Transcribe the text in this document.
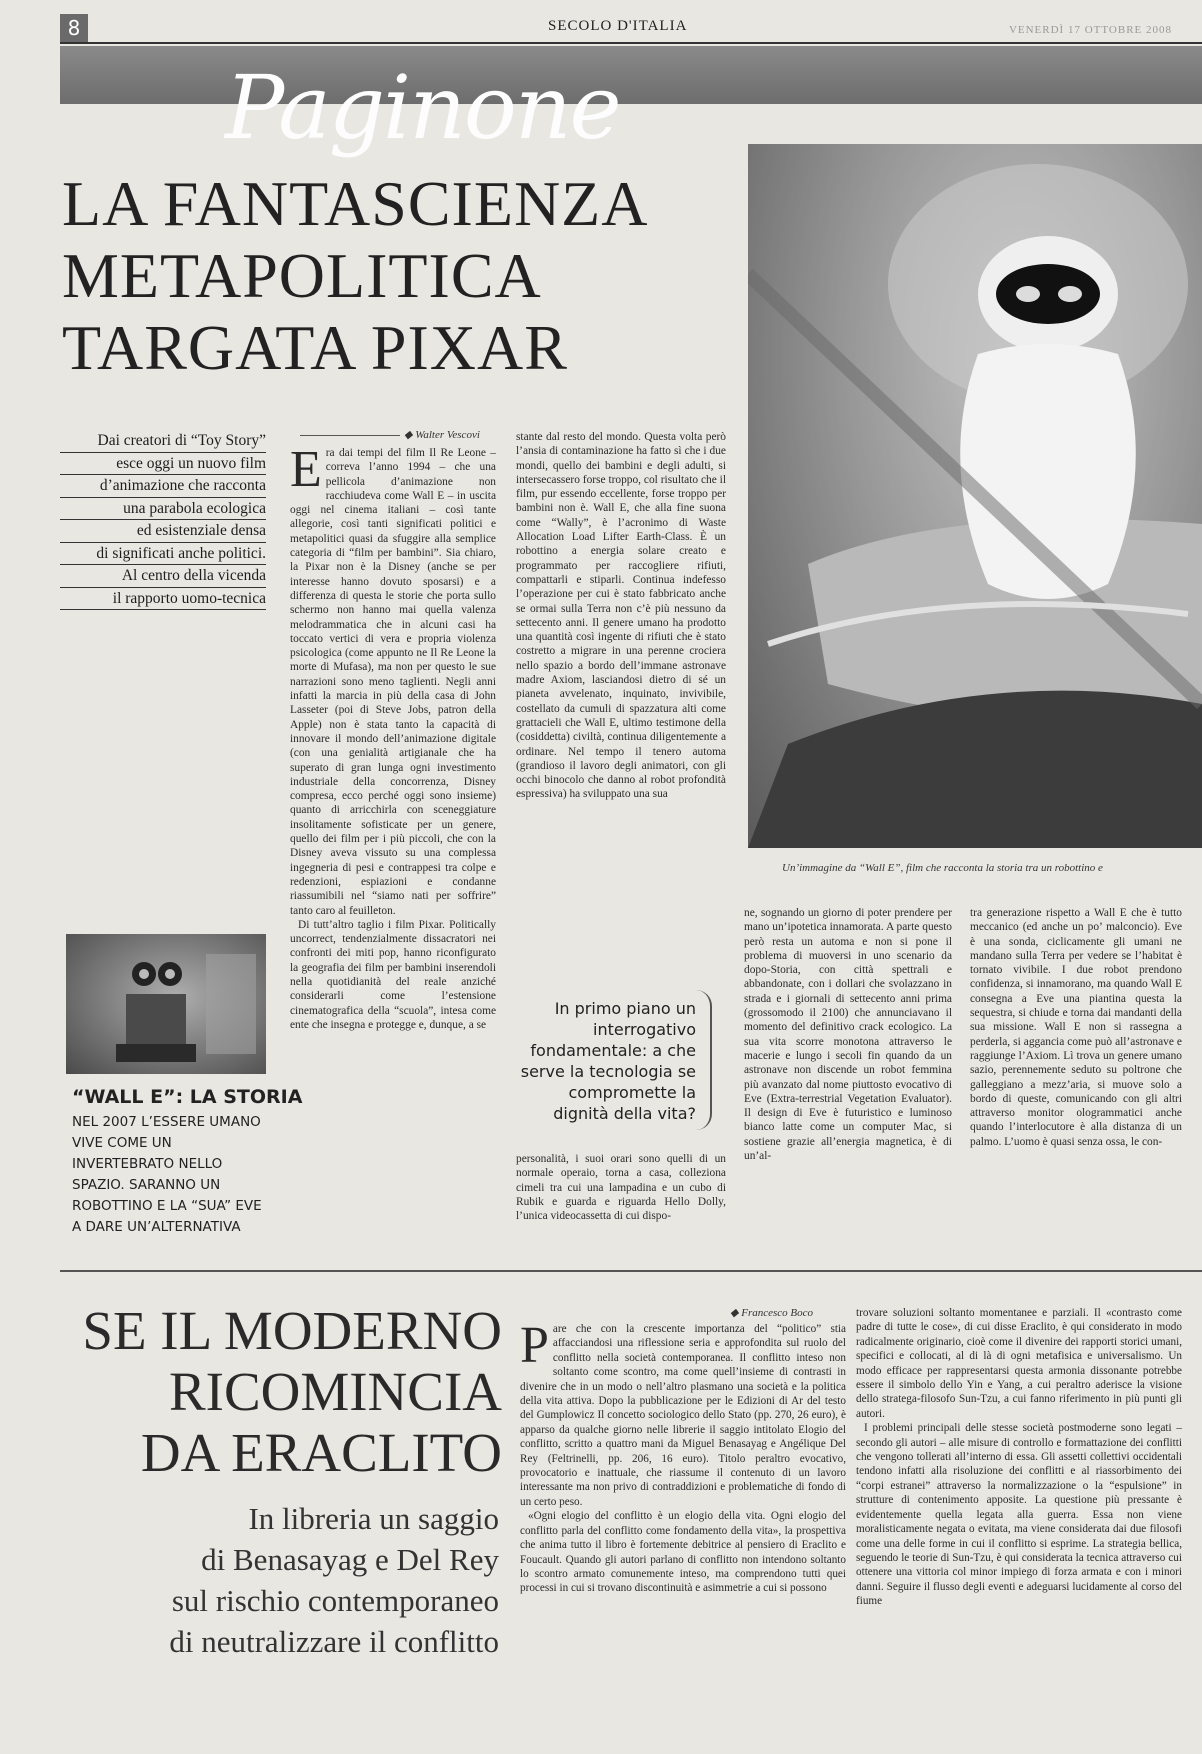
8	SECOLO D'ITALIA	VENERDÌ 17 OTTOBRE 2008
Paginone
LA FANTASCIENZA
METAPOLITICA
TARGATA PIXAR
Un’immagine da “Wall E”, film che racconta la storia tra un robottino e
Dai creatori di “Toy Story”
esce oggi un nuovo film
d’animazione che racconta
una parabola ecologica
ed esistenziale densa
di significati anche politici.
Al centro della vicenda
il rapporto uomo-tecnica
◆ Walter Vescovi
E ra dai tempi del film Il Re Leone – correva l’anno 1994 – che una pellicola d’animazione non racchiudeva come Wall E – in uscita oggi nel cinema italiani – così tante allegorie, così tanti significati politici e metapolitici quasi da sfuggire alla semplice categoria di “film per bambini”. Sia chiaro, la Pixar non è la Disney (anche se per interesse hanno dovuto sposarsi) e a differenza di questa le storie che porta sullo schermo non hanno mai quella valenza melodrammatica che in alcuni casi ha toccato vertici di vera e propria violenza psicologica (come appunto ne Il Re Leone la morte di Mufasa), ma non per questo le sue narrazioni sono meno taglienti. Negli anni infatti la marcia in più della casa di John Lasseter (poi di Steve Jobs, patron della Apple) non è stata tanto la capacità di innovare il mondo dell’animazione digitale (con una genialità artigianale che ha superato di gran lunga ogni investimento industriale della concorrenza, Disney compresa, ecco perché oggi sono insieme) quanto di arricchirla con sceneggiature insolitamente sofisticate per un genere, quello dei film per i più piccoli, che con la Disney aveva vissuto su una complessa ingegneria di pesi e contrappesi tra colpe e redenzioni, espiazioni e condanne riassumibili nel “siamo nati per soffrire” tanto caro al feuilleton.

Di tutt’altro taglio i film Pixar. Politically uncorrect, tendenzialmente dissacratori nei confronti dei miti pop, hanno riconfigurato la geografia dei film per bambini inserendoli nella quotidianità del reale anziché considerarli come l’estensione cinematografica della “scuola”, intesa come ente che insegna e protegge e, dunque, a se

stante dal resto del mondo. Questa volta però l’ansia di contaminazione ha fatto sì che i due mondi, quello dei bambini e degli adulti, si intersecassero forse troppo, col risultato che il film, pur essendo eccellente, forse troppo per bambini non è. Wall E, che alla fine suona come “Wally”, è l’acronimo di Waste Allocation Load Lifter Earth-Class. È un robottino a energia solare creato e programmato per raccogliere rifiuti, compattarli e stiparli. Continua indefesso l’operazione per cui è stato fabbricato anche se ormai sulla Terra non c’è più nessuno da settecento anni. Il genere umano ha prodotto una quantità così ingente di rifiuti che è stato costretto a migrare in una perenne crociera nello spazio a bordo dell’immane astronave madre Axiom, lasciandosi dietro di sé un pianeta avvelenato, inquinato, invivibile, costellato da cumuli di spazzatura alti come grattacieli che Wall E, ultimo testimone della (cosiddetta) civiltà, continua diligentemente a ordinare. Nel tempo il tenero automa (grandioso il lavoro degli animatori, con gli occhi binocolo che danno al robot profondità espressiva) ha sviluppato una sua
In primo piano un interrogativo fondamentale: a che serve la tecnologia se compromette la dignità della vita?
personalità, i suoi orari sono quelli di un normale operaio, torna a casa, colleziona cimeli tra cui una lampadina e un cubo di Rubik e guarda e riguarda Hello Dolly, l’unica videocassetta di cui dispo-
ne, sognando un giorno di poter prendere per mano un’ipotetica innamorata. A parte questo però resta un automa e non si pone il problema di muoversi in uno scenario da dopo-Storia, con città spettrali e abbandonate, con i dollari che svolazzano in strada e i giornali di settecento anni prima (grossomodo il 2100) che annunciavano il momento del definitivo crack ecologico. La sua vita scorre monotona attraverso le macerie e lungo i secoli fin quando da un astronave non discende un robot femmina più avanzato dal nome piuttosto evocativo di Eve (Extra-terrestrial Vegetation Evaluator). Il design di Eve è futuristico e luminoso bianco latte come un computer Mac, si sostiene grazie all’energia magnetica, è di un’al-
tra generazione rispetto a Wall E che è tutto meccanico (ed anche un po’ malconcio). Eve è una sonda, ciclicamente gli umani ne mandano sulla Terra per vedere se l’habitat è tornato vivibile. I due robot prendono confidenza, si innamorano, ma quando Wall E consegna a Eve una piantina questa la sequestra, si chiude e torna dai mandanti della sua missione. Wall E non si rassegna a perderla, si aggancia come può all’astronave e raggiunge l’Axiom. Lì trova un genere umano sazio, perennemente seduto su poltrone che galleggiano a mezz’aria, si muove solo a bordo di queste, comunicando con gli altri attraverso monitor ologrammatici anche quando l’interlocutore è alla distanza di un palmo. L’uomo è quasi senza ossa, le con-
“WALL E”: LA STORIA
NEL 2007 L’ESSERE UMANO VIVE COME UN INVERTEBRATO NELLO SPAZIO. SARANNO UN ROBOTTINO E LA “SUA” EVE A DARE UN’ALTERNATIVA
SE IL MODERNO
RICOMINCIA
DA ERACLITO
In libreria un saggio
di Benasayag e Del Rey
sul rischio contemporaneo
di neutralizzare il conflitto
◆ Francesco Boco
P are che con la crescente importanza del “politico” stia affacciandosi una riflessione seria e approfondita sul ruolo del conflitto nella società contemporanea. Il conflitto inteso non soltanto come scontro, ma come quell’insieme di contrasti in divenire che in un modo o nell’altro plasmano una società e la politica della vita attiva. Dopo la pubblicazione per le Edizioni di Ar del testo del Gumplowicz Il concetto sociologico dello Stato (pp. 270, 26 euro), è apparso da qualche giorno nelle librerie il saggio intitolato Elogio del conflitto, scritto a quattro mani da Miguel Benasayag e Angélique Del Rey (Feltrinelli, pp. 206, 16 euro). Titolo peraltro evocativo, provocatorio e inattuale, che riassume il contenuto di un lavoro interessante ma non privo di contraddizioni e problematiche di fondo di un certo peso.

«Ogni elogio del conflitto è un elogio della vita. Ogni elogio del conflitto parla del conflitto come fondamento della vita», la prospettiva che anima tutto il libro è fortemente debitrice al pensiero di Eraclito e Foucault. Quando gli autori parlano di conflitto non intendono soltanto lo scontro armato comunemente inteso, ma comprendono tutti quei processi in cui si trovano discontinuità e asimmetrie a cui si possono

trovare soluzioni soltanto momentanee e parziali. Il «contrasto come padre di tutte le cose», di cui disse Eraclito, è qui considerato in modo radicalmente originario, cioè come il divenire dei rapporti storici umani, specifici e collocati, al di là di ogni metafisica e universalismo. Un modo efficace per rappresentarsi questa armonia dissonante potrebbe essere il simbolo dello Yin e Yang, a cui peraltro aderisce la visione dello stratega-filosofo Sun-Tzu, a cui fanno riferimento in più punti gli autori.

I problemi principali delle stesse società postmoderne sono legati – secondo gli autori – alle misure di controllo e formattazione dei conflitti che vengono tollerati all’interno di essa. Gli assetti collettivi occidentali tendono infatti alla risoluzione dei conflitti e al riassorbimento dei “corpi estranei” attraverso la normalizzazione o la “espulsione” in strutture di contenimento apposite. La questione più pressante è evidentemente quella legata alla guerra. Essa non viene moralisticamente negata o evitata, ma viene considerata dai due filosofi come una delle forme in cui il conflitto si esprime. La strategia bellica, seguendo le teorie di Sun-Tzu, è qui considerata la tecnica attraverso cui ottenere una vittoria col minor impiego di forza armata e con i minori danni. Seguire il flusso degli eventi e adeguarsi lucidamente al corso del fiume
